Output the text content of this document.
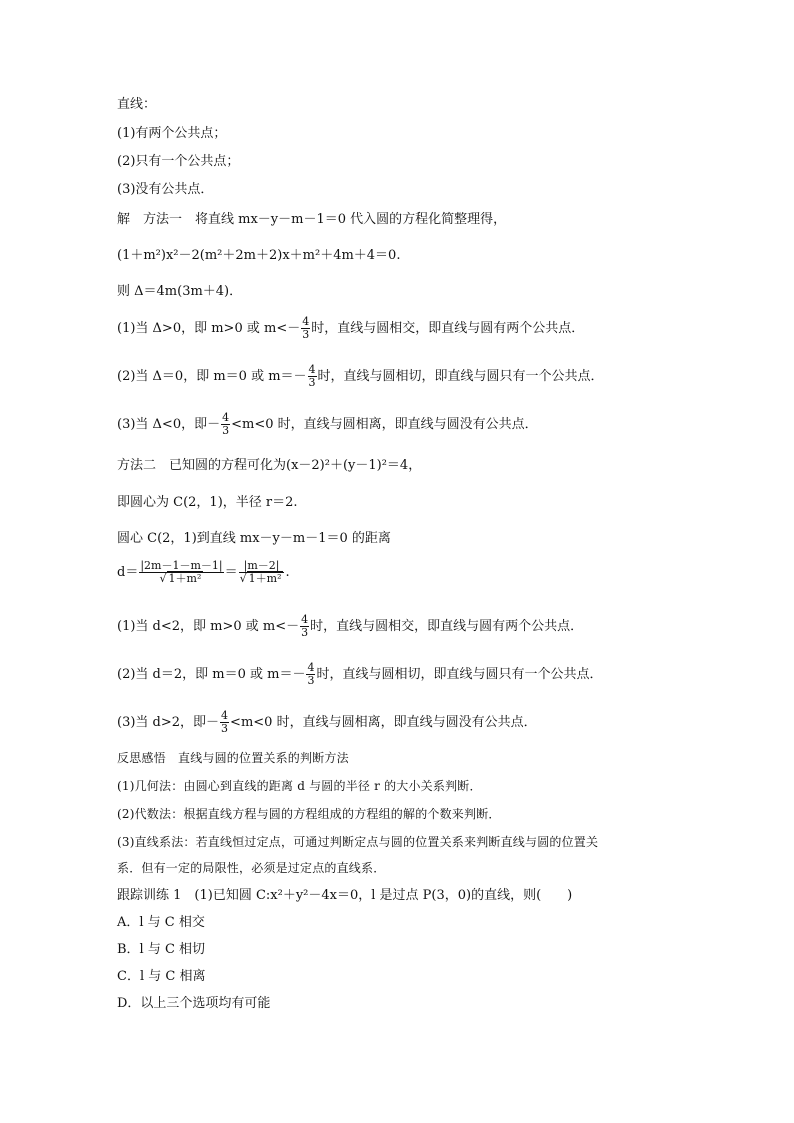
直线：
(1)有两个公共点；
(2)只有一个公共点；
(3)没有公共点．
解　方法一　将直线 mx－y－m－1＝0 代入圆的方程化简整理得，
(1＋m²)x²－2(m²＋2m＋2)x＋m²＋4m＋4＝0.
则 Δ＝4m(3m＋4)．
(1)当 Δ>0，即 m>0 或 $m<- \frac{4}{3}$ 时，直线与圆相交，即直线与圆有两个公共点．
(2)当 Δ＝0，即 m＝0 或 $m=- \frac{4}{3}$ 时，直线与圆相切，即直线与圆只有一个公共点．
(3)当 Δ<0，即－ $\frac{4}{3} <m<0$ 时，直线与圆相离，即直线与圆没有公共点．
方法二　已知圆的方程可化为(x－2)²＋(y－1)²＝4，
即圆心为 C(2，1)，半径 r＝2.
圆心 C(2，1)到直线 mx－y－m－1＝0 的距离
$d= \frac{|2m-1-m-1|}{\text{√ 1＋m²}} = \frac{|m-2|}{\text{√ 1＋m²}}$ .
(1)当 d<2，即 m>0 或 $m<- \frac{4}{3}$ 时，直线与圆相交，即直线与圆有两个公共点．
(2)当 d＝2，即 m＝0 或 $m=- \frac{4}{3}$ 时，直线与圆相切，即直线与圆只有一个公共点．
(3)当 d>2，即－ $\frac{4}{3} <m<0$ 时，直线与圆相离，即直线与圆没有公共点．
反思感悟　直线与圆的位置关系的判断方法
(1)几何法：由圆心到直线的距离 d 与圆的半径 r 的大小关系判断．
(2)代数法：根据直线方程与圆的方程组成的方程组的解的个数来判断．
(3)直线系法：若直线恒过定点，可通过判断定点与圆的位置关系来判断直线与圆的位置关
系．但有一定的局限性，必须是过定点的直线系．
跟踪训练 1　(1)已知圆 C:x²＋y²－4x＝0，l 是过点 P(3，0)的直线，则(　　)
A．l 与 C 相交
B．l 与 C 相切
C．l 与 C 相离
D．以上三个选项均有可能
